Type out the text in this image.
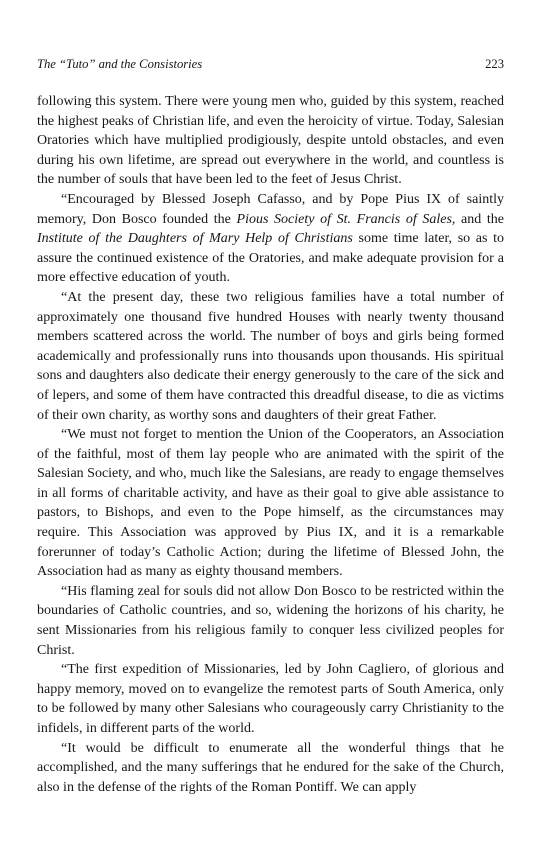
The “Tuto” and the Consistories	223

following this system. There were young men who, guided by this system, reached the highest peaks of Christian life, and even the heroicity of virtue. Today, Salesian Oratories which have multiplied prodigiously, despite untold obstacles, and even during his own lifetime, are spread out everywhere in the world, and countless is the number of souls that have been led to the feet of Jesus Christ.

“Encouraged by Blessed Joseph Cafasso, and by Pope Pius IX of saintly memory, Don Bosco founded the Pious Society of St. Francis of Sales, and the Institute of the Daughters of Mary Help of Christians some time later, so as to assure the continued existence of the Oratories, and make adequate provision for a more effective education of youth.

“At the present day, these two religious families have a total number of approximately one thousand five hundred Houses with nearly twenty thousand members scattered across the world. The number of boys and girls being formed academically and professionally runs into thousands upon thousands. His spiritual sons and daughters also dedicate their energy generously to the care of the sick and of lepers, and some of them have contracted this dreadful disease, to die as victims of their own charity, as worthy sons and daughters of their great Father.

“We must not forget to mention the Union of the Cooperators, an Association of the faithful, most of them lay people who are animated with the spirit of the Salesian Society, and who, much like the Salesians, are ready to engage themselves in all forms of charitable activity, and have as their goal to give able assistance to pastors, to Bishops, and even to the Pope himself, as the circumstances may require. This Association was approved by Pius IX, and it is a remarkable forerunner of today’s Catholic Action; during the lifetime of Blessed John, the Association had as many as eighty thousand members.

“His flaming zeal for souls did not allow Don Bosco to be restricted within the boundaries of Catholic countries, and so, widening the horizons of his charity, he sent Missionaries from his religious family to conquer less civilized peoples for Christ.

“The first expedition of Missionaries, led by John Cagliero, of glorious and happy memory, moved on to evangelize the remotest parts of South America, only to be followed by many other Salesians who courageously carry Christianity to the infidels, in different parts of the world.

“It would be difficult to enumerate all the wonderful things that he accomplished, and the many sufferings that he endured for the sake of the Church, also in the defense of the rights of the Roman Pontiff. We can apply
